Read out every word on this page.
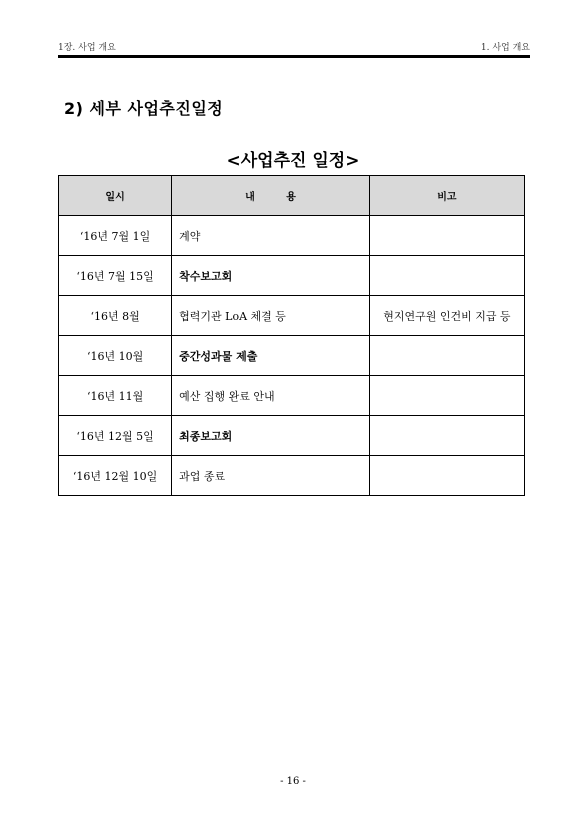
1장. 사업 개요	1. 사업 개요
2) 세부 사업추진일정
<사업추진 일정>
일시	내 용	비고
‘16년 7월 1일	계약	
‘16년 7월 15일	착수보고회	
‘16년 8월	협력기관 LoA 체결 등	현지연구원 인건비 지급 등
‘16년 10월	중간성과물 제출	
‘16년 11월	예산 집행 완료 안내	
‘16년 12월 5일	최종보고회	
‘16년 12월 10일	과업 종료	
- 16 -
